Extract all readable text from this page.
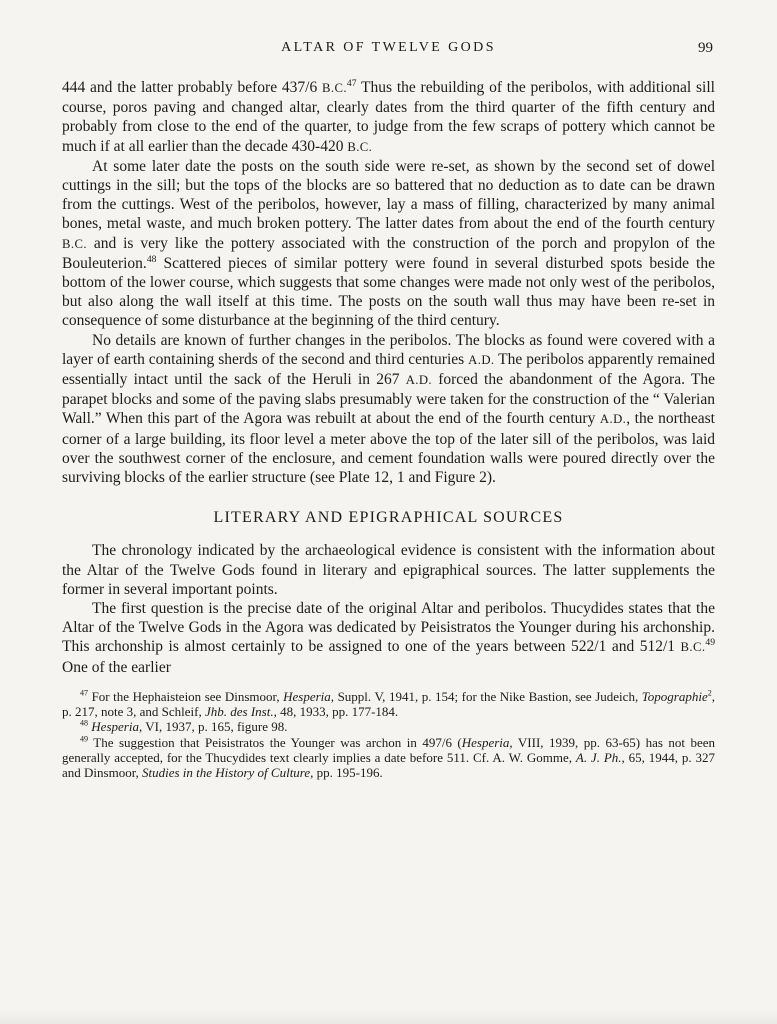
ALTAR OF TWELVE GODS	99

444 and the latter probably before 437/6 B.C.$^{47}$ Thus the rebuilding of the peribolos, with additional sill course, poros paving and changed altar, clearly dates from the third quarter of the fifth century and probably from close to the end of the quarter, to judge from the few scraps of pottery which cannot be much if at all earlier than the decade 430-420 B.C.

At some later date the posts on the south side were re-set, as shown by the second set of dowel cuttings in the sill; but the tops of the blocks are so battered that no deduction as to date can be drawn from the cuttings. West of the peribolos, however, lay a mass of filling, characterized by many animal bones, metal waste, and much broken pottery. The latter dates from about the end of the fourth century B.C. and is very like the pottery associated with the construction of the porch and propylon of the Bouleuterion.$^{48}$ Scattered pieces of similar pottery were found in several disturbed spots beside the bottom of the lower course, which suggests that some changes were made not only west of the peribolos, but also along the wall itself at this time. The posts on the south wall thus may have been re-set in consequence of some disturbance at the beginning of the third century.

No details are known of further changes in the peribolos. The blocks as found were covered with a layer of earth containing sherds of the second and third centuries A.D. The peribolos apparently remained essentially intact until the sack of the Heruli in 267 A.D. forced the abandonment of the Agora. The parapet blocks and some of the paving slabs presumably were taken for the construction of the “ Valerian Wall.” When this part of the Agora was rebuilt at about the end of the fourth century A.D., the northeast corner of a large building, its floor level a meter above the top of the later sill of the peribolos, was laid over the southwest corner of the enclosure, and cement foundation walls were poured directly over the surviving blocks of the earlier structure (see Plate 12, 1 and Figure 2).

LITERARY AND EPIGRAPHICAL SOURCES

The chronology indicated by the archaeological evidence is consistent with the information about the Altar of the Twelve Gods found in literary and epigraphical sources. The latter supplements the former in several important points.

The first question is the precise date of the original Altar and peribolos. Thucydides states that the Altar of the Twelve Gods in the Agora was dedicated by Peisistratos the Younger during his archonship. This archonship is almost certainly to be assigned to one of the years between 522/1 and 512/1 B.C.$^{49}$ One of the earlier

$^{47}$ For the Hephaisteion see Dinsmoor, Hesperia, Suppl. V, 1941, p. 154; for the Nike Bastion, see Judeich, Topographie$^2$, p. 217, note 3, and Schleif, Jhb. des Inst., 48, 1933, pp. 177-184.

$^{48}$ Hesperia, VI, 1937, p. 165, figure 98.

$^{49}$ The suggestion that Peisistratos the Younger was archon in 497/6 (Hesperia, VIII, 1939, pp. 63-65) has not been generally accepted, for the Thucydides text clearly implies a date before 511. Cf. A. W. Gomme, A. J. Ph., 65, 1944, p. 327 and Dinsmoor, Studies in the History of Culture, pp. 195-196.
